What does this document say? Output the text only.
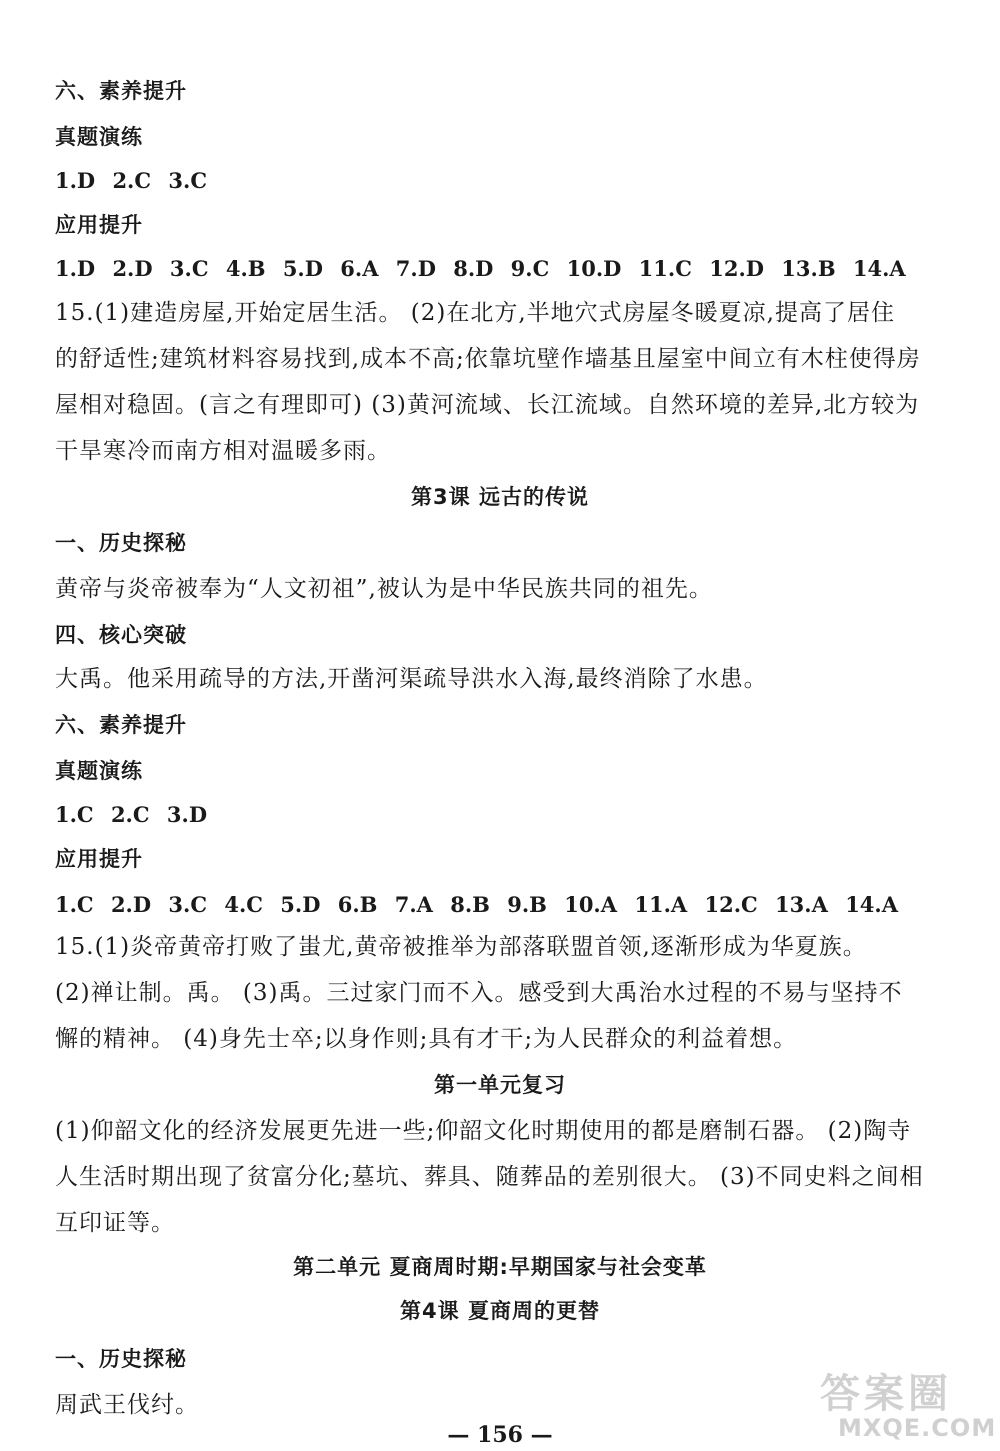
六、素养提升
真题演练
1.D 2.C 3.C
应用提升
1.D 2.D 3.C 4.B 5.D 6.A 7.D 8.D 9.C 10.D 11.C 12.D 13.B 14.A
15.(1)建造房屋,开始定居生活。 (2)在北方,半地穴式房屋冬暖夏凉,提高了居住
的舒适性;建筑材料容易找到,成本不高;依靠坑壁作墙基且屋室中间立有木柱使得房
屋相对稳固。(言之有理即可) (3)黄河流域、长江流域。自然环境的差异,北方较为
干旱寒冷而南方相对温暖多雨。
第3课 远古的传说
一、历史探秘
黄帝与炎帝被奉为“人文初祖”,被认为是中华民族共同的祖先。
四、核心突破
大禹。他采用疏导的方法,开凿河渠疏导洪水入海,最终消除了水患。
六、素养提升
真题演练
1.C 2.C 3.D
应用提升
1.C 2.D 3.C 4.C 5.D 6.B 7.A 8.B 9.B 10.A 11.A 12.C 13.A 14.A
15.(1)炎帝黄帝打败了蚩尤,黄帝被推举为部落联盟首领,逐渐形成为华夏族。
(2)禅让制。禹。 (3)禹。三过家门而不入。感受到大禹治水过程的不易与坚持不
懈的精神。 (4)身先士卒;以身作则;具有才干;为人民群众的利益着想。
第一单元复习
(1)仰韶文化的经济发展更先进一些;仰韶文化时期使用的都是磨制石器。 (2)陶寺
人生活时期出现了贫富分化;墓坑、葬具、随葬品的差别很大。 (3)不同史料之间相
互印证等。
第二单元 夏商周时期:早期国家与社会变革
第4课 夏商周的更替
一、历史探秘
周武王伐纣。
— 156 —
答案圈
MXQE.COM
